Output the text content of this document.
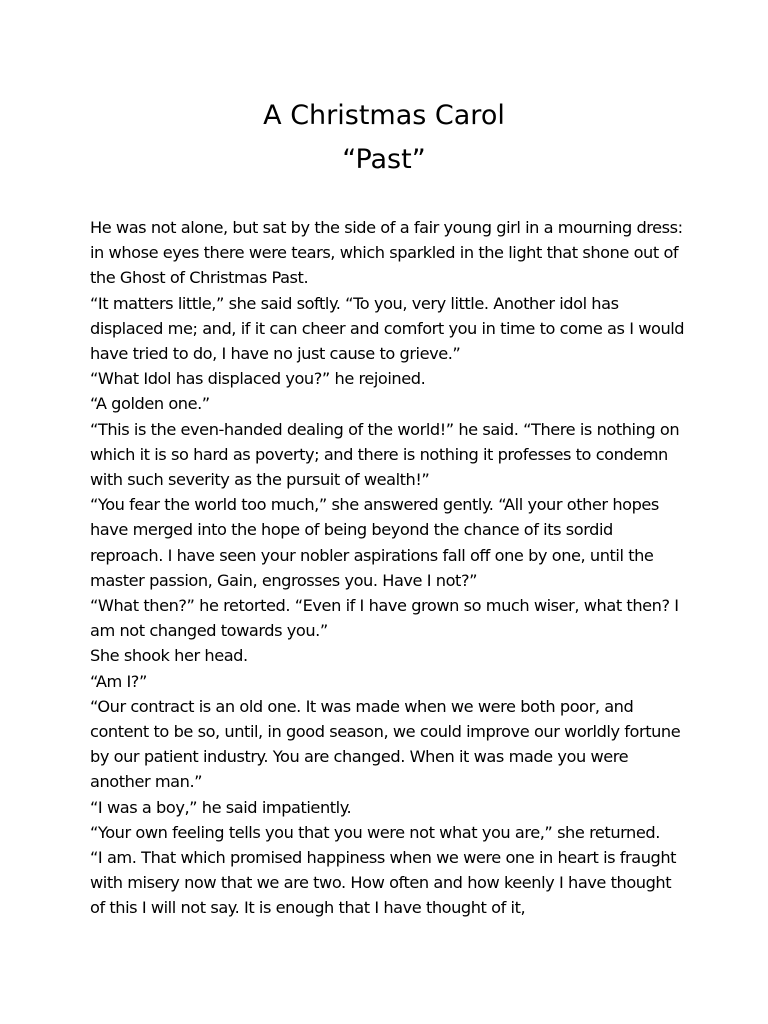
A Christmas Carol
“Past”

He was not alone, but sat by the side of a fair young girl in a mourning dress: in whose eyes there were tears, which sparkled in the light that shone out of the Ghost of Christmas Past.

“It matters little,” she said softly. “To you, very little. Another idol has displaced me; and, if it can cheer and comfort you in time to come as I would have tried to do, I have no just cause to grieve.”

“What Idol has displaced you?” he rejoined.

“A golden one.”

“This is the even-handed dealing of the world!” he said. “There is nothing on which it is so hard as poverty; and there is nothing it professes to condemn with such severity as the pursuit of wealth!”

“You fear the world too much,” she answered gently. “All your other hopes have merged into the hope of being beyond the chance of its sordid reproach. I have seen your nobler aspirations fall off one by one, until the master passion, Gain, engrosses you. Have I not?”

“What then?” he retorted. “Even if I have grown so much wiser, what then? I am not changed towards you.”

She shook her head.

“Am I?”

“Our contract is an old one. It was made when we were both poor, and content to be so, until, in good season, we could improve our worldly fortune by our patient industry. You are changed. When it was made you were another man.”

“I was a boy,” he said impatiently.

“Your own feeling tells you that you were not what you are,” she returned.

“I am. That which promised happiness when we were one in heart is fraught with misery now that we are two. How often and how keenly I have thought of this I will not say. It is enough that I have thought of it,
